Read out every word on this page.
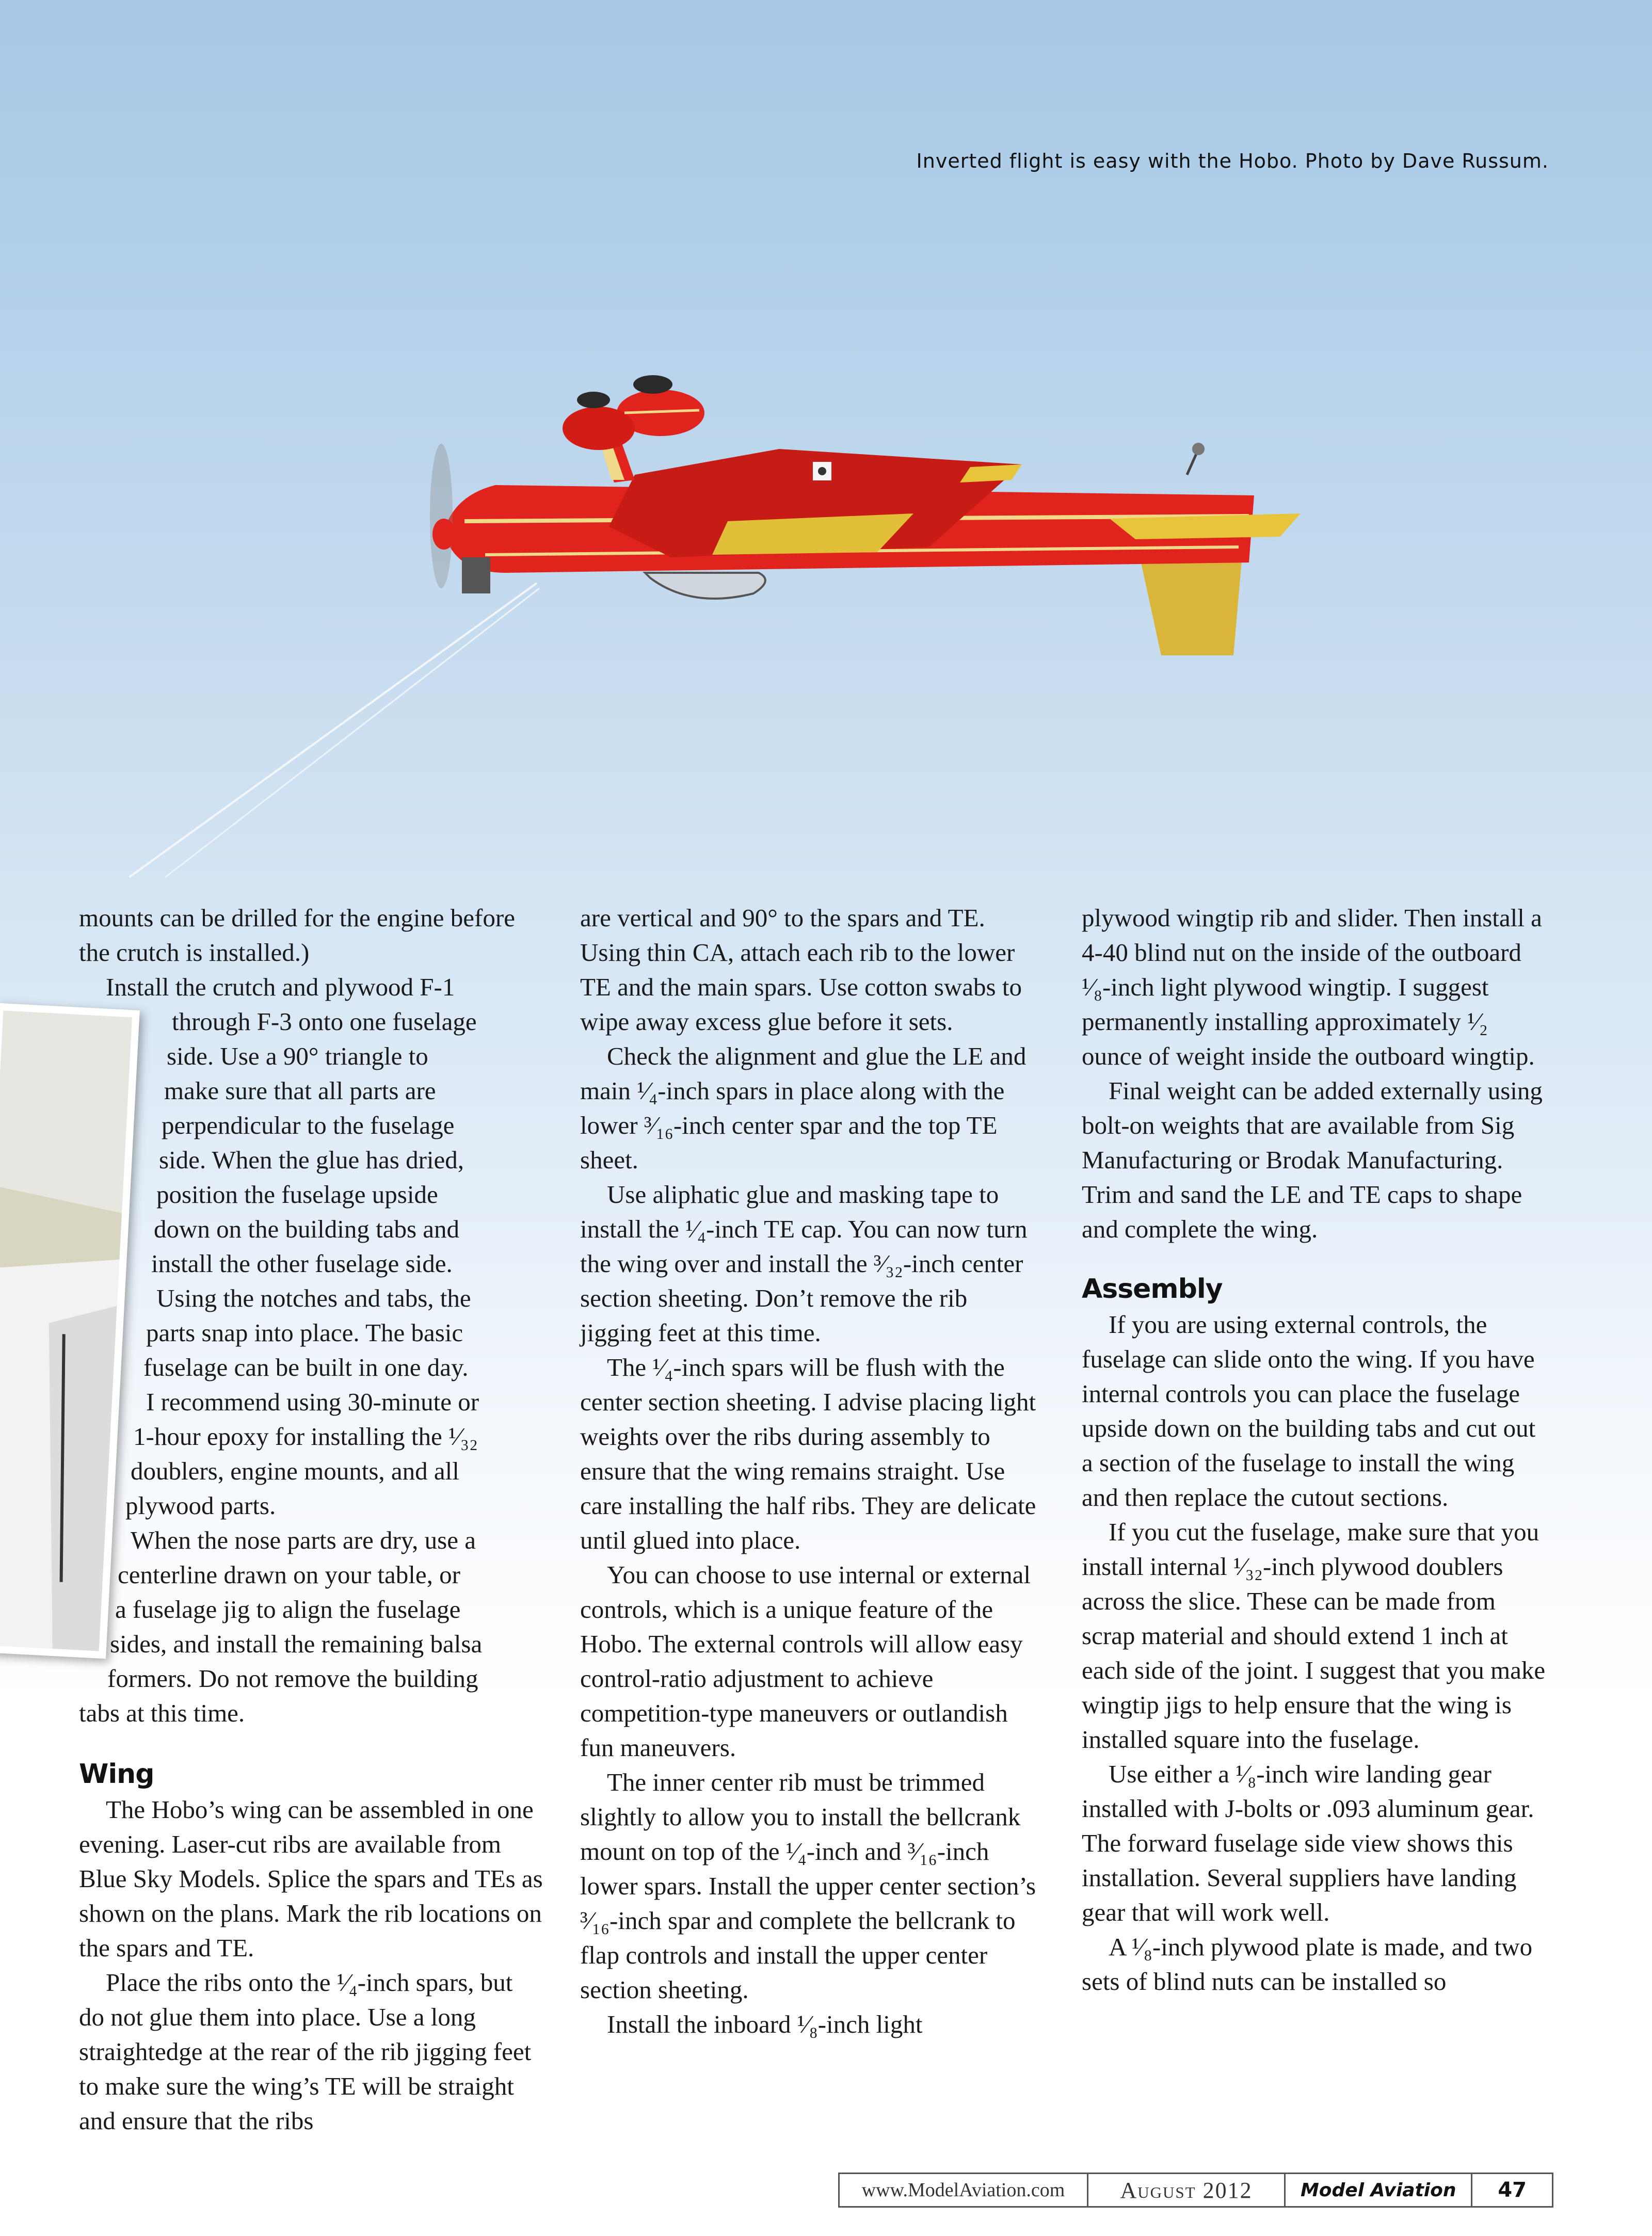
Inverted flight is easy with the Hobo. Photo by Dave Russum.

mounts can be drilled for the engine before the crutch is installed.)

Install the crutch and plywood F-1

through F-3 onto one fuselage
side. Use a 90° triangle to
make sure that all parts are
perpendicular to the fuselage
side. When the glue has dried,
position the fuselage upside
down on the building tabs and
install the other fuselage side.
Using the notches and tabs, the
parts snap into place. The basic
fuselage can be built in one day.
I recommend using 30-minute or
1-hour epoxy for installing the ¹⁄₃₂
doublers, engine mounts, and all
plywood parts.
When the nose parts are dry, use a
centerline drawn on your table, or
a fuselage jig to align the fuselage
sides, and install the remaining balsa
formers. Do not remove the building
tabs at this time.
Wing

The Hobo’s wing can be assembled in one evening. Laser-cut ribs are available from Blue Sky Models. Splice the spars and TEs as shown on the plans. Mark the rib locations on the spars and TE.

Place the ribs onto the ¹⁄₄-inch spars, but do not glue them into place. Use a long straightedge at the rear of the rib jigging feet to make sure the wing’s TE will be straight and ensure that the ribs

are vertical and 90° to the spars and TE. Using thin CA, attach each rib to the lower TE and the main spars. Use cotton swabs to wipe away excess glue before it sets.

Check the alignment and glue the LE and main ¹⁄₄-inch spars in place along with the lower ³⁄₁₆-inch center spar and the top TE sheet.

Use aliphatic glue and masking tape to install the ¹⁄₄-inch TE cap. You can now turn the wing over and install the ³⁄₃₂-inch center section sheeting. Don’t remove the rib jigging feet at this time.

The ¹⁄₄-inch spars will be flush with the center section sheeting. I advise placing light weights over the ribs during assembly to ensure that the wing remains straight. Use care installing the half ribs. They are delicate until glued into place.

You can choose to use internal or external controls, which is a unique feature of the Hobo. The external controls will allow easy control-ratio adjustment to achieve competition-type maneuvers or outlandish fun maneuvers.

The inner center rib must be trimmed slightly to allow you to install the bellcrank mount on top of the ¹⁄₄-inch and ³⁄₁₆-inch lower spars. Install the upper center section’s ³⁄₁₆-inch spar and complete the bellcrank to flap controls and install the upper center section sheeting.

Install the inboard ¹⁄₈-inch light

plywood wingtip rib and slider. Then install a 4-40 blind nut on the inside of the outboard ¹⁄₈-inch light plywood wingtip. I suggest permanently installing approximately ¹⁄₂ ounce of weight inside the outboard wingtip.

Final weight can be added externally using bolt-on weights that are available from Sig Manufacturing or Brodak Manufacturing. Trim and sand the LE and TE caps to shape and complete the wing.

Assembly

If you are using external controls, the fuselage can slide onto the wing. If you have internal controls you can place the fuselage upside down on the building tabs and cut out a section of the fuselage to install the wing and then replace the cutout sections.

If you cut the fuselage, make sure that you install internal ¹⁄₃₂-inch plywood doublers across the slice. These can be made from scrap material and should extend 1 inch at each side of the joint. I suggest that you make wingtip jigs to help ensure that the wing is installed square into the fuselage.

Use either a ¹⁄₈-inch wire landing gear installed with J-bolts or .093 aluminum gear. The forward fuselage side view shows this installation. Several suppliers have landing gear that will work well.

A ¹⁄₈-inch plywood plate is made, and two sets of blind nuts can be installed so

www.ModelAviation.com	August 2012	Model Aviation	47
